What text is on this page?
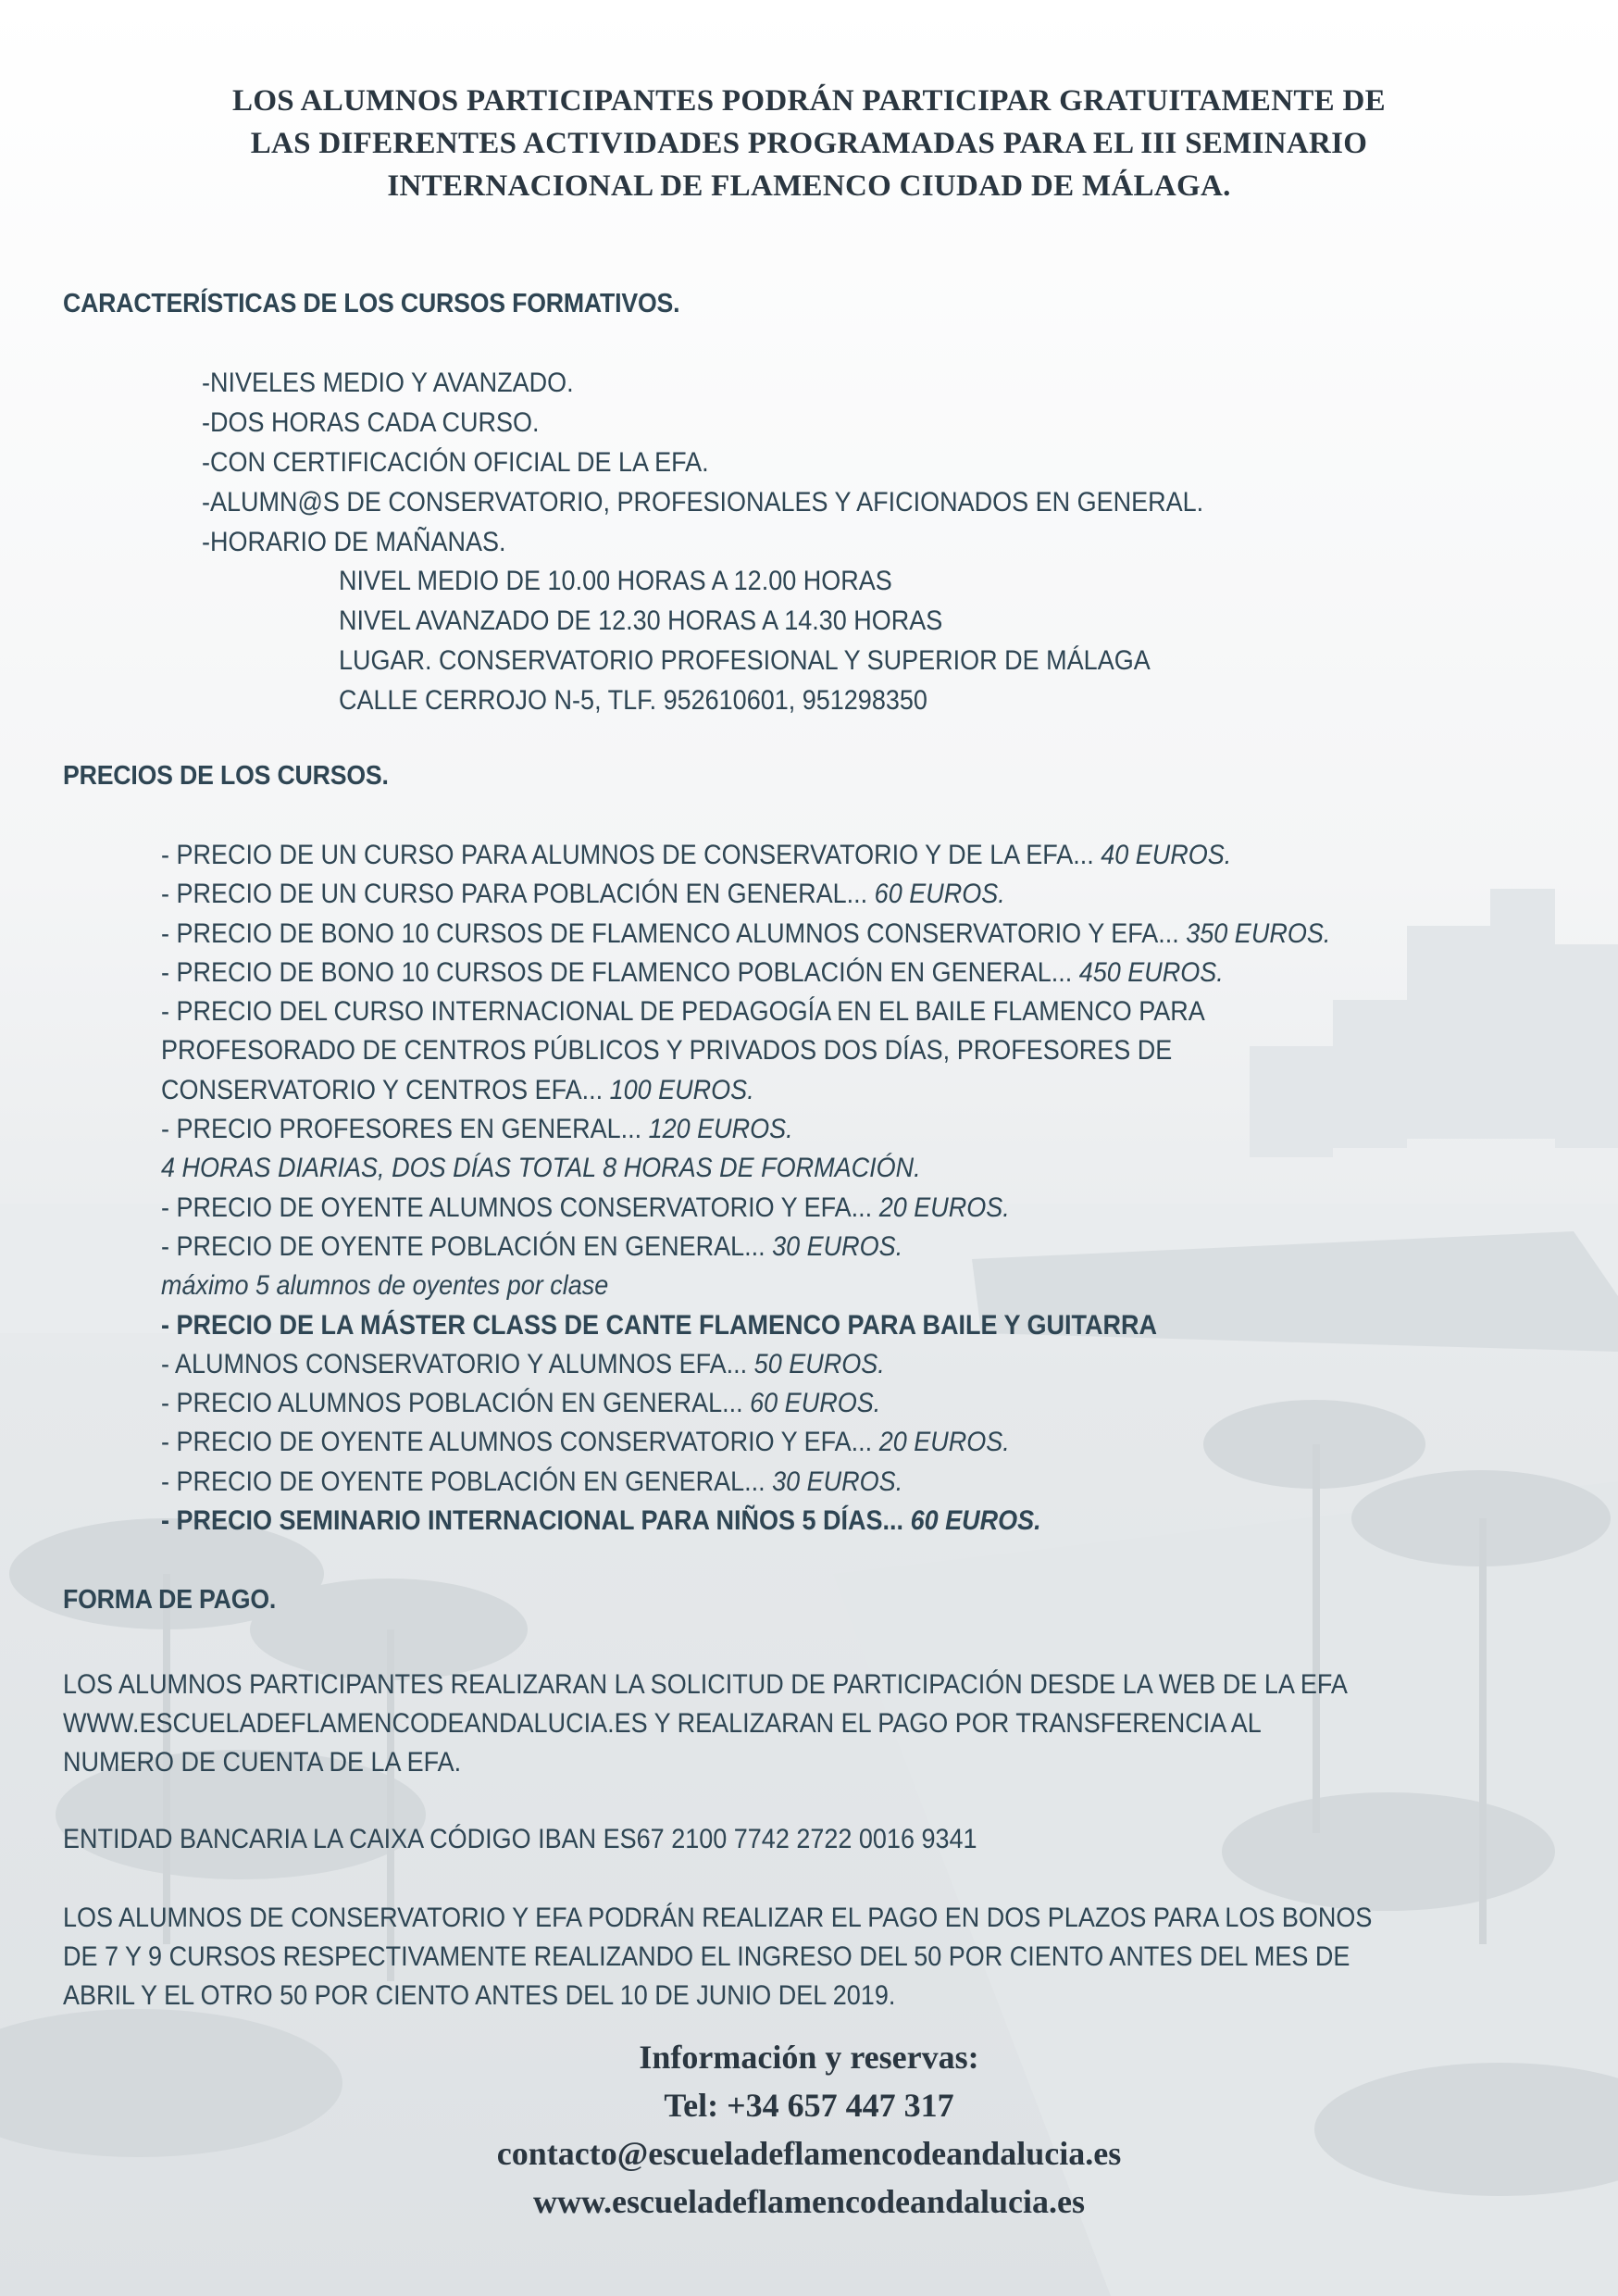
LOS ALUMNOS PARTICIPANTES PODRÁN PARTICIPAR GRATUITAMENTE DE
LAS DIFERENTES ACTIVIDADES PROGRAMADAS PARA EL III SEMINARIO
INTERNACIONAL DE FLAMENCO CIUDAD DE MÁLAGA.
CARACTERÍSTICAS DE LOS CURSOS FORMATIVOS.
-NIVELES MEDIO Y AVANZADO.
-DOS HORAS CADA CURSO.
-CON CERTIFICACIÓN OFICIAL DE LA EFA.
-ALUMN@S DE CONSERVATORIO, PROFESIONALES Y AFICIONADOS EN GENERAL.
-HORARIO DE MAÑANAS.
NIVEL MEDIO DE 10.00 HORAS A 12.00 HORAS
NIVEL AVANZADO DE 12.30 HORAS A 14.30 HORAS
LUGAR. CONSERVATORIO PROFESIONAL Y SUPERIOR DE MÁLAGA
CALLE CERROJO N-5, TLF. 952610601, 951298350
PRECIOS DE LOS CURSOS.
- PRECIO DE UN CURSO PARA ALUMNOS DE CONSERVATORIO Y DE LA EFA... 40 EUROS.
- PRECIO DE UN CURSO PARA POBLACIÓN EN GENERAL... 60 EUROS.
- PRECIO DE BONO 10 CURSOS DE FLAMENCO ALUMNOS CONSERVATORIO Y EFA... 350 EUROS.
- PRECIO DE BONO 10 CURSOS DE FLAMENCO POBLACIÓN EN GENERAL... 450 EUROS.
- PRECIO DEL CURSO INTERNACIONAL DE PEDAGOGÍA EN EL BAILE FLAMENCO PARA
PROFESORADO DE CENTROS PÚBLICOS Y PRIVADOS DOS DÍAS, PROFESORES DE
CONSERVATORIO Y CENTROS EFA... 100 EUROS.
- PRECIO PROFESORES EN GENERAL... 120 EUROS.
4 HORAS DIARIAS, DOS DÍAS TOTAL 8 HORAS DE FORMACIÓN.
- PRECIO DE OYENTE ALUMNOS CONSERVATORIO Y EFA... 20 EUROS.
- PRECIO DE OYENTE POBLACIÓN EN GENERAL... 30 EUROS.
máximo 5 alumnos de oyentes por clase
- PRECIO DE LA MÁSTER CLASS DE CANTE FLAMENCO PARA BAILE Y GUITARRA
- ALUMNOS CONSERVATORIO Y ALUMNOS EFA... 50 EUROS.
- PRECIO ALUMNOS POBLACIÓN EN GENERAL... 60 EUROS.
- PRECIO DE OYENTE ALUMNOS CONSERVATORIO Y EFA... 20 EUROS.
- PRECIO DE OYENTE POBLACIÓN EN GENERAL... 30 EUROS.
- PRECIO SEMINARIO INTERNACIONAL PARA NIÑOS 5 DÍAS... 60 EUROS.
FORMA DE PAGO.
LOS ALUMNOS PARTICIPANTES REALIZARAN LA SOLICITUD DE PARTICIPACIÓN DESDE LA WEB DE LA EFA
WWW.ESCUELADEFLAMENCODEANDALUCIA.ES Y REALIZARAN EL PAGO POR TRANSFERENCIA AL
NUMERO DE CUENTA DE LA EFA.
ENTIDAD BANCARIA LA CAIXA CÓDIGO IBAN ES67 2100 7742 2722 0016 9341
LOS ALUMNOS DE CONSERVATORIO Y EFA PODRÁN REALIZAR EL PAGO EN DOS PLAZOS PARA LOS BONOS
DE 7 Y 9 CURSOS RESPECTIVAMENTE REALIZANDO EL INGRESO DEL 50 POR CIENTO ANTES DEL MES DE
ABRIL Y EL OTRO 50 POR CIENTO ANTES DEL 10 DE JUNIO DEL 2019.
Información y reservas:
Tel: +34 657 447 317
contacto@escueladeflamencodeandalucia.es
www.escueladeflamencodeandalucia.es
